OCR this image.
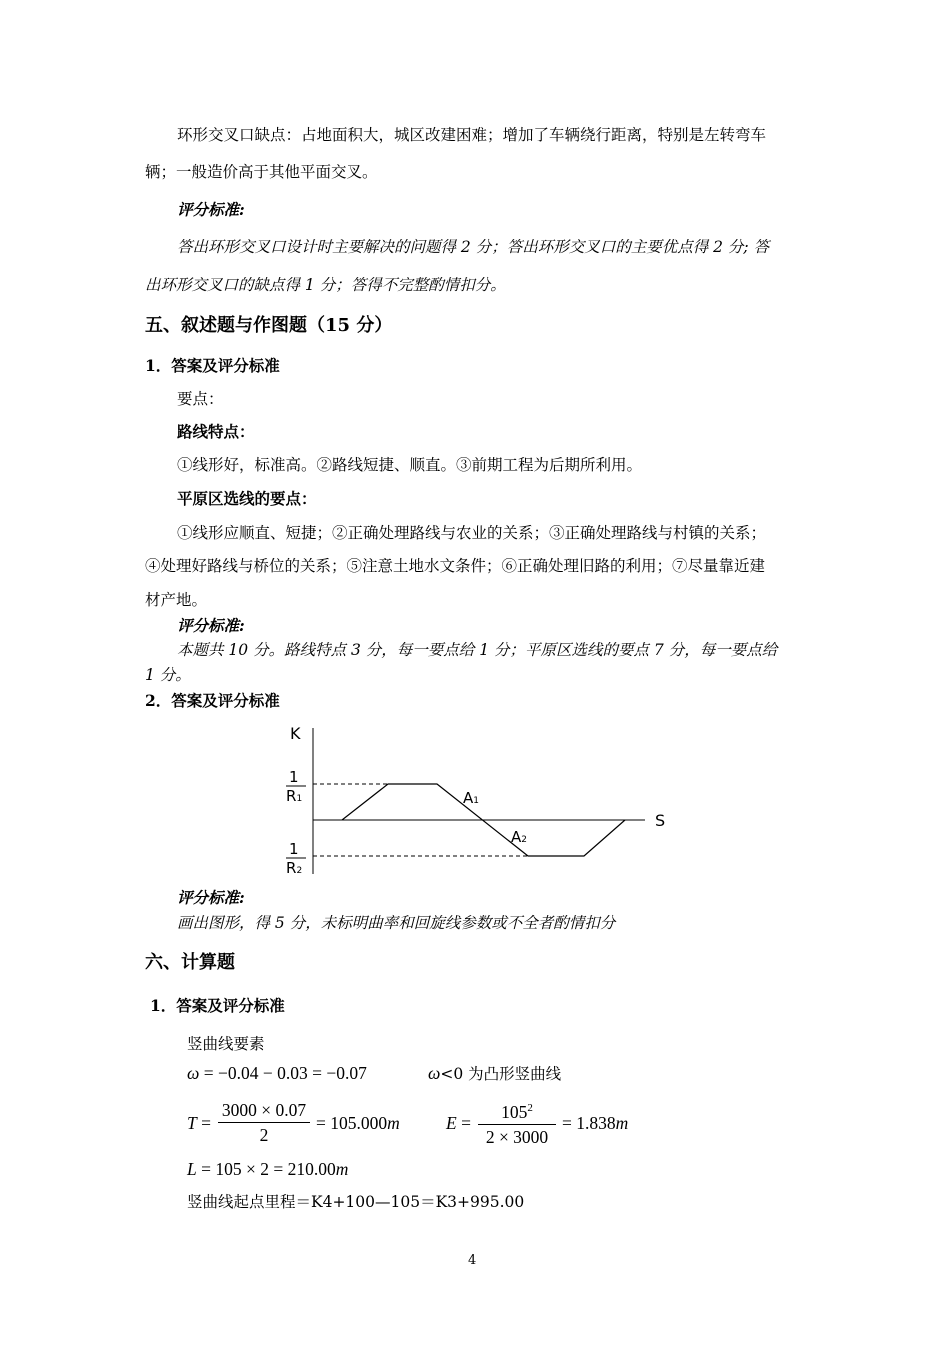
环形交叉口缺点：占地面积大，城区改建困难；增加了车辆绕行距离，特别是左转弯车
辆；一般造价高于其他平面交叉。
评分标准:
答出环形交叉口设计时主要解决的问题得 2 分；答出环形交叉口的主要优点得 2 分; 答
出环形交叉口的缺点得 1 分；答得不完整酌情扣分。
五、叙述题与作图题（15 分）
1．答案及评分标准
要点：
路线特点：
①线形好，标准高。②路线短捷、顺直。③前期工程为后期所利用。
平原区选线的要点：
①线形应顺直、短捷；②正确处理路线与农业的关系；③正确处理路线与村镇的关系；
④处理好路线与桥位的关系；⑤注意土地水文条件；⑥正确处理旧路的利用；⑦尽量靠近建
材产地。
评分标准:
本题共 10 分。路线特点 3 分，每一要点给 1 分；平原区选线的要点 7 分，每一要点给
1 分。
2．答案及评分标准
K
S
1
R1
1
R2
A1
A2
评分标准:
画出图形，得 5 分，未标明曲率和回旋线参数或不全者酌情扣分
六、计算题
1．答案及评分标准
竖曲线要素
ω = −0.04 − 0.03 = −0.07	ω<0 为凸形竖曲线
T =
3000 × 0.07
2
= 105.000m	E =
$105^2$
2 × 3000
= 1.838m
L = 105 × 2 = 210.00m
竖曲线起点里程＝K4+100—105＝K3+995.00
4
